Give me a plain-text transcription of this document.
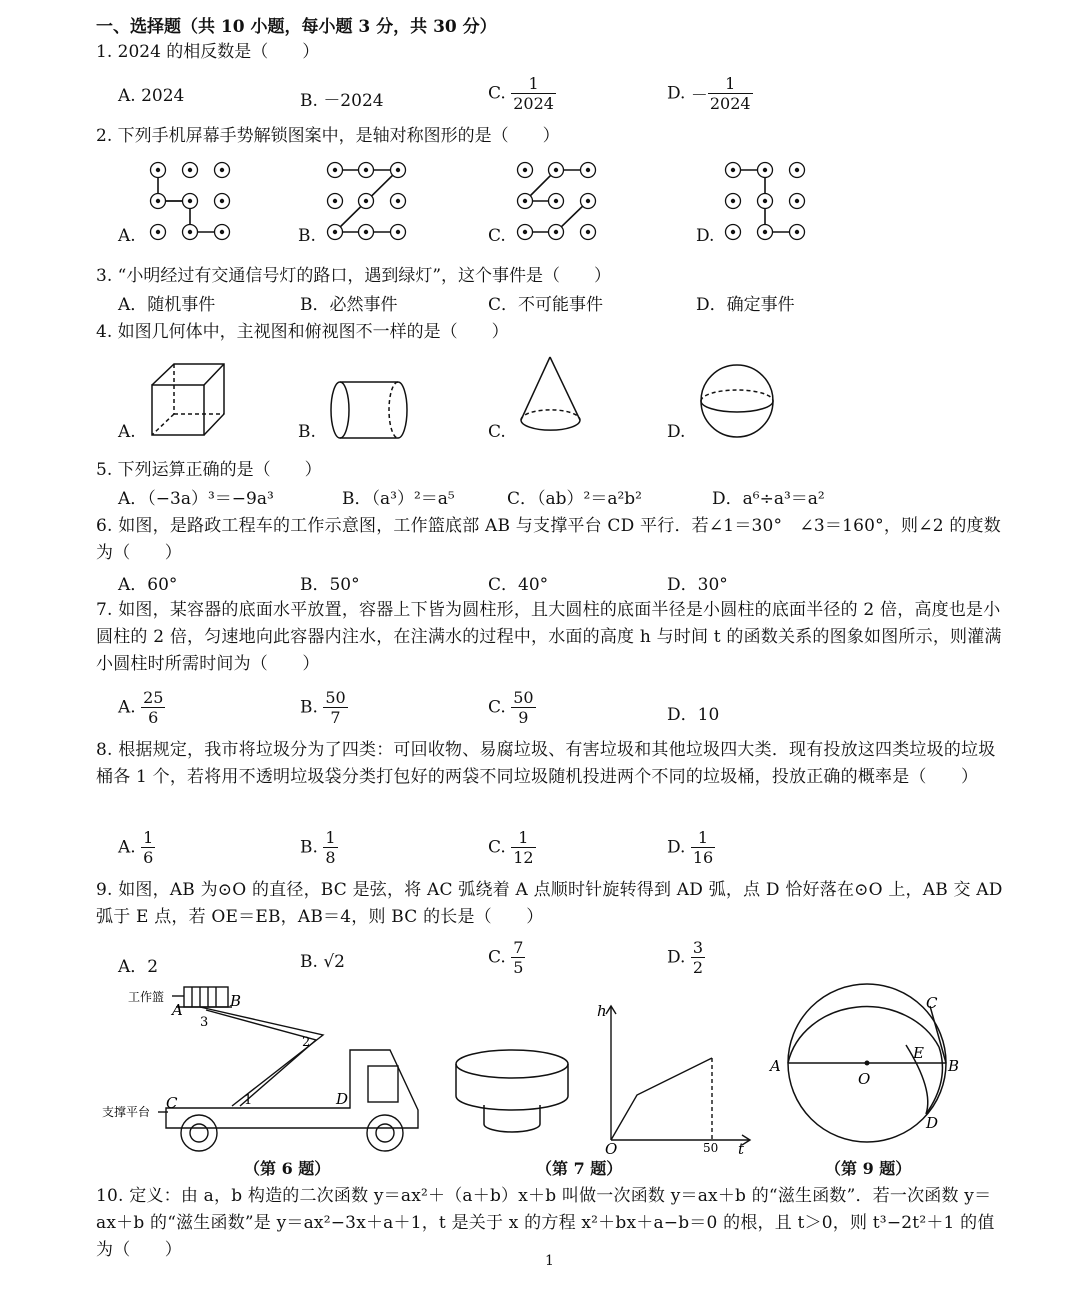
一、选择题（共 10 小题，每小题 3 分，共 30 分）
1. 2024 的相反数是（　　）
A. 2024	B. －2024	C. $\frac{1}{2024}$	D. － $\frac{1}{2024}$
2. 下列手机屏幕手势解锁图案中，是轴对称图形的是（　　）
A.	B.	C.	D.
3. “小明经过有交通信号灯的路口，遇到绿灯”，这个事件是（　　）
A．随机事件	B．必然事件	C．不可能事件	D．确定事件
4. 如图几何体中，主视图和俯视图不一样的是（　　）
A.	B.	C.	D.
5. 下列运算正确的是（　　）
A．（−3a）³＝−9a³	B．（a³）²＝a⁵	C．（ab）²＝a²b²	D．a⁶÷a³＝a²
6. 如图，是路政工程车的工作示意图，工作篮底部 AB 与支撑平台 CD 平行．若∠1＝30°　∠3＝160°，则∠2 的度数为（　　）
A．60°	B．50°	C．40°	D．30°
7. 如图，某容器的底面水平放置，容器上下皆为圆柱形，且大圆柱的底面半径是小圆柱的底面半径的 2 倍，高度也是小圆柱的 2 倍，匀速地向此容器内注水，在注满水的过程中，水面的高度 h 与时间 t 的函数关系的图象如图所示，则灌满小圆柱时所需时间为（　　）
A. $\frac{25}{6}$	B. $\frac{50}{7}$	C. $\frac{50}{9}$	D．10
8. 根据规定，我市将垃圾分为了四类：可回收物、易腐垃圾、有害垃圾和其他垃圾四大类．现有投放这四类垃圾的垃圾桶各 1 个，若将用不透明垃圾袋分类打包好的两袋不同垃圾随机投进两个不同的垃圾桶，投放正确的概率是（　　）
A. $\frac{1}{6}$	B. $\frac{1}{8}$	C. $\frac{1}{12}$	D. $\frac{1}{16}$
9. 如图，AB 为⊙O 的直径，BC 是弦，将 AC 弧绕着 A 点顺时针旋转得到 AD 弧，点 D 恰好落在⊙O 上，AB 交 AD 弧于 E 点，若 OE＝EB，AB＝4，则 BC 的长是（　　）
A．2	B. √2	C. $\frac{7}{5}$	D. $\frac{3}{2}$
工作篮
支撑平台
A	B
C	D
3
2
1
（第 6 题）
h
t
O	50
（第 7 题）
A	B
C
D
E
O
（第 9 题）
10. 定义：由 a，b 构造的二次函数 y＝ax²＋（a＋b）x＋b 叫做一次函数 y＝ax＋b 的“滋生函数”．若一次函数 y＝ax＋b 的“滋生函数”是 y＝ax²−3x＋a＋1，t 是关于 x 的方程 x²＋bx＋a−b＝0 的根，且 t＞0，则 t³−2t²＋1 的值为（　　）
1
